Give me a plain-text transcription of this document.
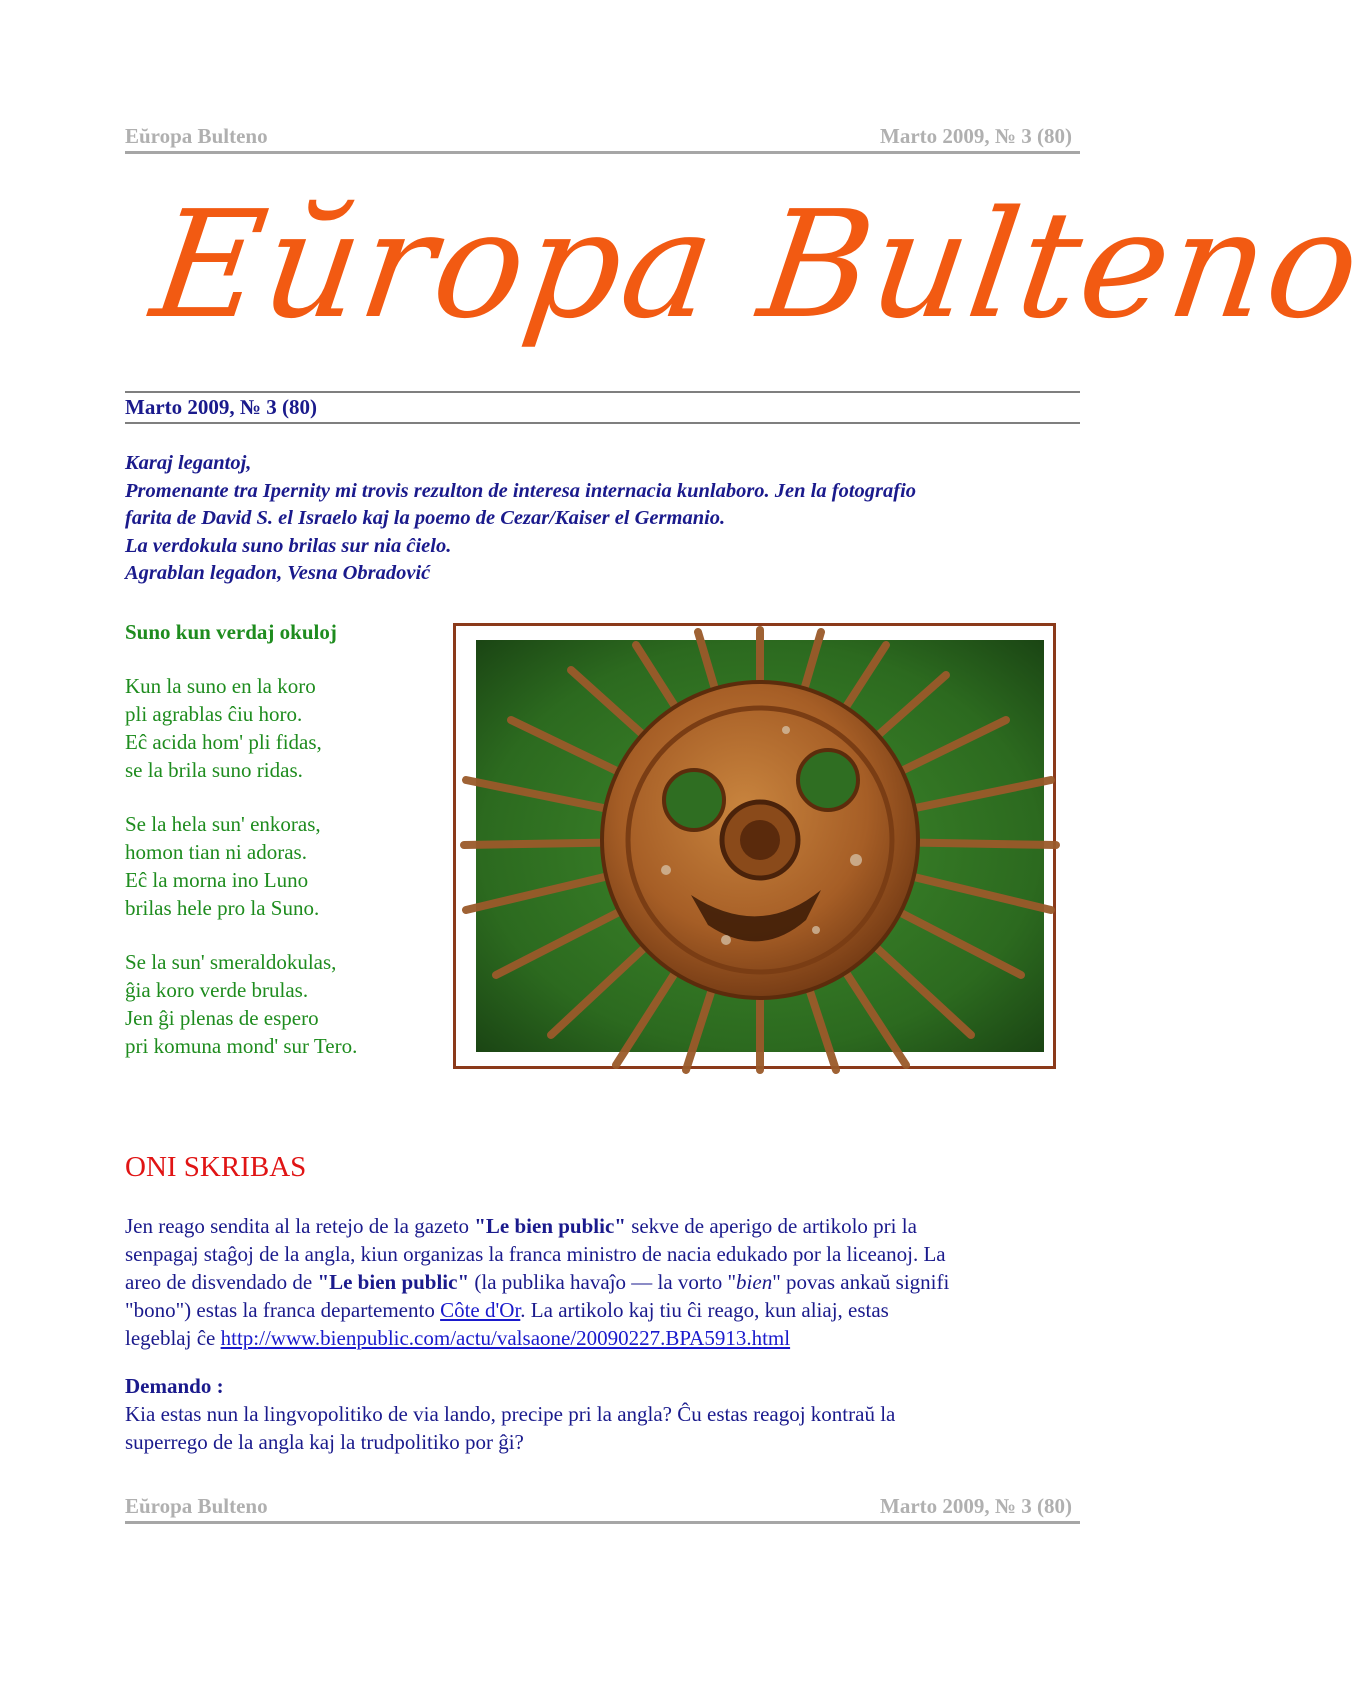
Eŭropa Bulteno	Marto 2009, № 3 (80)
Eŭropa Bulteno
Marto 2009, № 3 (80)

Karaj legantoj,

Promenante tra Ipernity mi trovis rezulton de interesa internacia kunlaboro. Jen la fotografio

farita de David S. el Israelo kaj la poemo de Cezar/Kaiser el Germanio.

La verdokula suno brilas sur nia ĉielo.

Agrablan legadon, Vesna Obradović

Suno kun verdaj okuloj

Kun la suno en la koro

pli agrablas ĉiu horo.

Eĉ acida hom' pli fidas,

se la brila suno ridas.

Se la hela sun' enkoras,

homon tian ni adoras.

Eĉ la morna ino Luno

brilas hele pro la Suno.

Se la sun' smeraldokulas,

ĝia koro verde brulas.

Jen ĝi plenas de espero

pri komuna mond' sur Tero.

ONI SKRIBAS

Jen reago sendita al la retejo de la gazeto "Le bien public" sekve de aperigo de artikolo pri la

senpagaj staĝoj de la angla, kiun organizas la franca ministro de nacia edukado por la liceanoj. La

areo de disvendado de "Le bien public" (la publika havaĵo — la vorto "bien" povas ankaŭ signifi

"bono") estas la franca departemento Côte d'Or. La artikolo kaj tiu ĉi reago, kun aliaj, estas

legeblaj ĉe http://www.bienpublic.com/actu/valsaone/20090227.BPA5913.html

Demando :

Kia estas nun la lingvopolitiko de via lando, precipe pri la angla? Ĉu estas reagoj kontraŭ la

superrego de la angla kaj la trudpolitiko por ĝi?

Eŭropa Bulteno	Marto 2009, № 3 (80)
